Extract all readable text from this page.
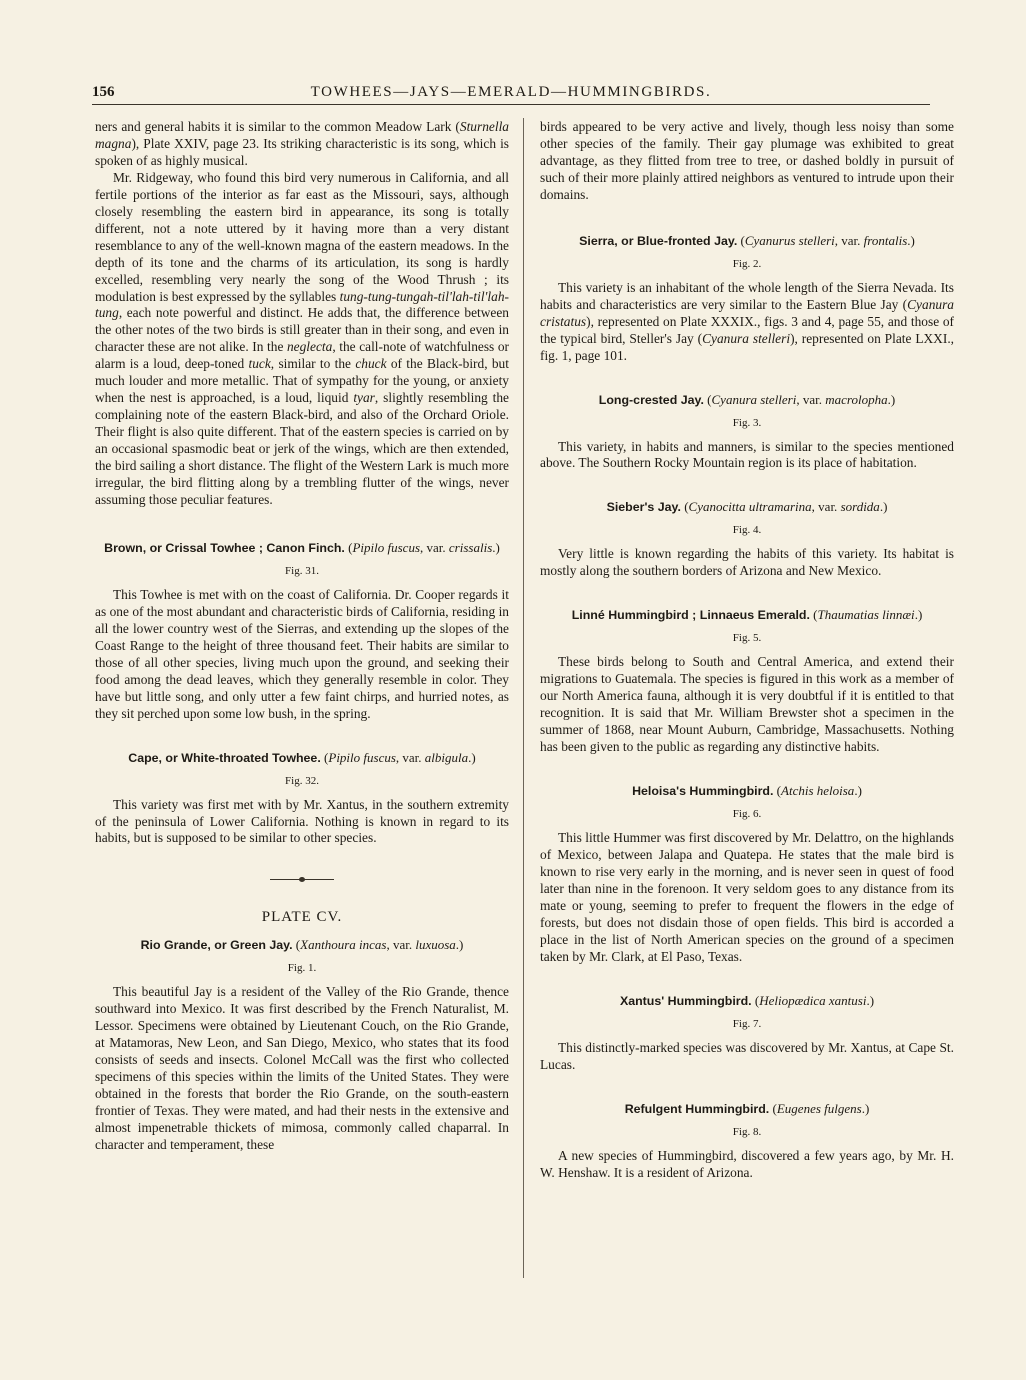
156	TOWHEES—JAYS—EMERALD—HUMMINGBIRDS.

ners and general habits it is similar to the common Meadow Lark (Sturnella magna), Plate XXIV, page 23. Its striking characteristic is its song, which is spoken of as highly musical.

Mr. Ridgeway, who found this bird very numerous in California, and all fertile portions of the interior as far east as the Missouri, says, although closely resembling the eastern bird in appearance, its song is totally different, not a note uttered by it having more than a very distant resemblance to any of the well-known magna of the eastern meadows. In the depth of its tone and the charms of its articulation, its song is hardly excelled, resembling very nearly the song of the Wood Thrush ; its modulation is best expressed by the syllables tung-tung-tungah-til'lah-til'lah-tung, each note powerful and distinct. He adds that, the difference between the other notes of the two birds is still greater than in their song, and even in character these are not alike. In the neglecta, the call-note of watchfulness or alarm is a loud, deep-toned tuck, similar to the chuck of the Black-bird, but much louder and more metallic. That of sympathy for the young, or anxiety when the nest is approached, is a loud, liquid tyar, slightly resembling the complaining note of the eastern Black-bird, and also of the Orchard Oriole. Their flight is also quite different. That of the eastern species is carried on by an occasional spasmodic beat or jerk of the wings, which are then extended, the bird sailing a short distance. The flight of the Western Lark is much more irregular, the bird flitting along by a trembling flutter of the wings, never assuming those peculiar features.

Brown, or Crissal Towhee ; Canon Finch. (Pipilo fuscus, var. crissalis.)
Fig. 31.

This Towhee is met with on the coast of California. Dr. Cooper regards it as one of the most abundant and characteristic birds of California, residing in all the lower country west of the Sierras, and extending up the slopes of the Coast Range to the height of three thousand feet. Their habits are similar to those of all other species, living much upon the ground, and seeking their food among the dead leaves, which they generally resemble in color. They have but little song, and only utter a few faint chirps, and hurried notes, as they sit perched upon some low bush, in the spring.

Cape, or White-throated Towhee. (Pipilo fuscus, var. albigula.)
Fig. 32.

This variety was first met with by Mr. Xantus, in the southern extremity of the peninsula of Lower California. Nothing is known in regard to its habits, but is supposed to be similar to other species.

PLATE CV.
Rio Grande, or Green Jay. (Xanthoura incas, var. luxuosa.)
Fig. 1.

This beautiful Jay is a resident of the Valley of the Rio Grande, thence southward into Mexico. It was first described by the French Naturalist, M. Lessor. Specimens were obtained by Lieutenant Couch, on the Rio Grande, at Matamoras, New Leon, and San Diego, Mexico, who states that its food consists of seeds and insects. Colonel McCall was the first who collected specimens of this species within the limits of the United States. They were obtained in the forests that border the Rio Grande, on the south-eastern frontier of Texas. They were mated, and had their nests in the extensive and almost impenetrable thickets of mimosa, commonly called chaparral. In character and temperament, these

birds appeared to be very active and lively, though less noisy than some other species of the family. Their gay plumage was exhibited to great advantage, as they flitted from tree to tree, or dashed boldly in pursuit of such of their more plainly attired neighbors as ventured to intrude upon their domains.

Sierra, or Blue-fronted Jay. (Cyanurus stelleri, var. frontalis.)
Fig. 2.

This variety is an inhabitant of the whole length of the Sierra Nevada. Its habits and characteristics are very similar to the Eastern Blue Jay (Cyanura cristatus), represented on Plate XXXIX., figs. 3 and 4, page 55, and those of the typical bird, Steller's Jay (Cyanura stelleri), represented on Plate LXXI., fig. 1, page 101.

Long-crested Jay. (Cyanura stelleri, var. macrolopha.)
Fig. 3.

This variety, in habits and manners, is similar to the species mentioned above. The Southern Rocky Mountain region is its place of habitation.

Sieber's Jay. (Cyanocitta ultramarina, var. sordida.)
Fig. 4.

Very little is known regarding the habits of this variety. Its habitat is mostly along the southern borders of Arizona and New Mexico.

Linné Hummingbird ; Linnaeus Emerald. (Thaumatias linnæi.)
Fig. 5.

These birds belong to South and Central America, and extend their migrations to Guatemala. The species is figured in this work as a member of our North America fauna, although it is very doubtful if it is entitled to that recognition. It is said that Mr. William Brewster shot a specimen in the summer of 1868, near Mount Auburn, Cambridge, Massachusetts. Nothing has been given to the public as regarding any distinctive habits.

Heloisa's Hummingbird. (Atchis heloisa.)
Fig. 6.

This little Hummer was first discovered by Mr. Delattro, on the highlands of Mexico, between Jalapa and Quatepa. He states that the male bird is known to rise very early in the morning, and is never seen in quest of food later than nine in the forenoon. It very seldom goes to any distance from its mate or young, seeming to prefer to frequent the flowers in the edge of forests, but does not disdain those of open fields. This bird is accorded a place in the list of North American species on the ground of a specimen taken by Mr. Clark, at El Paso, Texas.

Xantus' Hummingbird. (Heliopædica xantusi.)
Fig. 7.

This distinctly-marked species was discovered by Mr. Xantus, at Cape St. Lucas.

Refulgent Hummingbird. (Eugenes fulgens.)
Fig. 8.

A new species of Hummingbird, discovered a few years ago, by Mr. H. W. Henshaw. It is a resident of Arizona.
